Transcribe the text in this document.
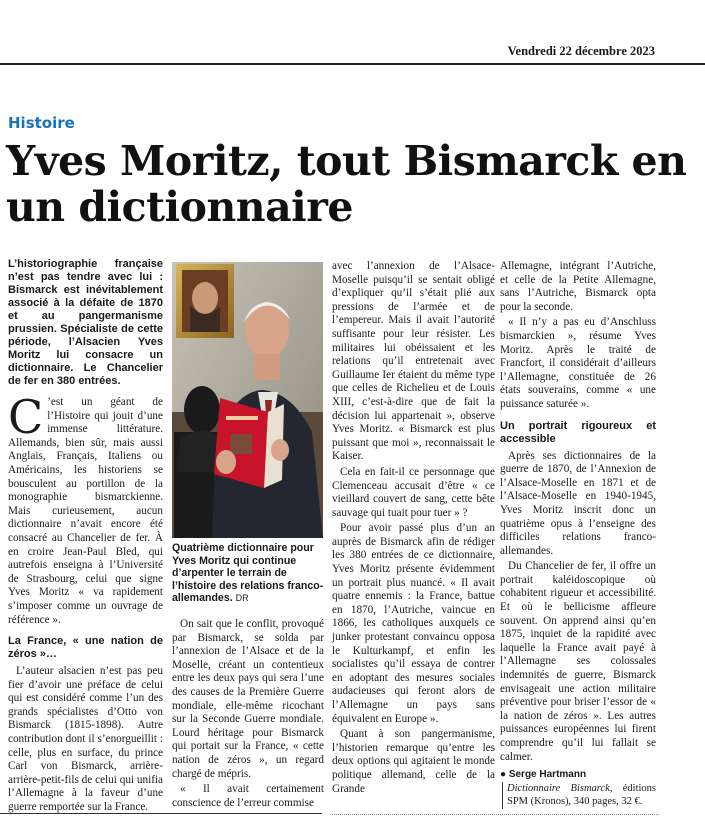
Vendredi 22 décembre 2023
Histoire
Yves Moritz, tout Bismarck en un dictionnaire
L’historiographie française n’est pas tendre avec lui : Bismarck est inévitablement associé à la défaite de 1870 et au pangermanisme prussien. Spécialiste de cette période, l’Alsacien Yves Moritz lui consacre un dictionnaire. Le Chancelier de fer en 380 entrées.

C ’est un géant de l’Histoire qui jouit d’une immense littérature. Allemands, bien sûr, mais aussi Anglais, Français, Italiens ou Américains, les historiens se bousculent au portillon de la monographie bismarckienne. Mais curieusement, aucun dictionnaire n’avait encore été consacré au Chancelier de fer. À en croire Jean-Paul Bled, qui autrefois enseigna à l’Université de Strasbourg, celui que signe Yves Moritz « va rapidement s’imposer comme un ouvrage de référence ».

La France, « une nation de zéros »…

L’auteur alsacien n’est pas peu fier d’avoir une préface de celui qui est considéré comme l’un des grands spécialistes d’Otto von Bismarck (1815-1898). Autre contribution dont il s’enorgueillit : celle, plus en surface, du prince Carl von Bismarck, arrière-arrière-petit-fils de celui qui unifia l’Allemagne à la faveur d’une guerre remportée sur la France.

Quatrième dictionnaire pour Yves Moritz qui continue d’arpenter le terrain de l’histoire des relations franco-allemandes. DR

On sait que le conflit, provoqué par Bismarck, se solda par l’annexion de l’Alsace et de la Moselle, créant un contentieux entre les deux pays qui sera l’une des causes de la Première Guerre mondiale, elle-même ricochant sur la Seconde Guerre mondiale. Lourd héritage pour Bismarck qui portait sur la France, « cette nation de zéros », un regard chargé de mépris.

« Il avait certainement conscience de l’erreur commise

avec l’annexion de l’Alsace-Moselle puisqu’il se sentait obligé d’expliquer qu’il s’était plié aux pressions de l’armée et de l’empereur. Mais il avait l’autorité suffisante pour leur résister. Les militaires lui obéissaient et les relations qu’il entretenait avec Guillaume Ier étaient du même type que celles de Richelieu et de Louis XIII, c’est-à-dire que de fait la décision lui appartenait », observe Yves Moritz. « Bismarck est plus puissant que moi », reconnaissait le Kaiser.

Cela en fait-il ce personnage que Clemenceau accusait d’être « ce vieillard couvert de sang, cette bête sauvage qui tuait pour tuer » ?

Pour avoir passé plus d’un an auprès de Bismarck afin de rédiger les 380 entrées de ce dictionnaire, Yves Moritz présente évidemment un portrait plus nuancé. « Il avait quatre ennemis : la France, battue en 1870, l’Autriche, vaincue en 1866, les catholiques auxquels ce junker protestant convaincu opposa le Kulturkampf, et enfin les socialistes qu’il essaya de contrer en adoptant des mesures sociales audacieuses qui feront alors de l’Allemagne un pays sans équivalent en Europe ».

Quant à son pangermanisme, l’historien remarque qu’entre les deux options qui agitaient le monde politique allemand, celle de la Grande

Allemagne, intégrant l’Autriche, et celle de la Petite Allemagne, sans l’Autriche, Bismarck opta pour la seconde.

« Il n’y a pas eu d’Anschluss bismarckien », résume Yves Moritz. Après le traité de Francfort, il considérait d’ailleurs l’Allemagne, constituée de 26 états souverains, comme « une puissance saturée ».

Un portrait rigoureux et accessible

Après ses dictionnaires de la guerre de 1870, de l’Annexion de l’Alsace-Moselle en 1871 et de l’Alsace-Moselle en 1940-1945, Yves Moritz inscrit donc un quatrième opus à l’enseigne des difficiles relations franco-allemandes.

Du Chancelier de fer, il offre un portrait kaléidoscopique où cohabitent rigueur et accessibilité. Et où le bellicisme affleure souvent. On apprend ainsi qu’en 1875, inquiet de la rapidité avec laquelle la France avait payé à l’Allemagne ses colossales indemnités de guerre, Bismarck envisageait une action militaire préventive pour briser l’essor de « la nation de zéros ». Les autres puissances européennes lui firent comprendre qu’il lui fallait se calmer.

● Serge Hartmann
Dictionnaire Bismarck, éditions SPM (Kronos), 340 pages, 32 €.
